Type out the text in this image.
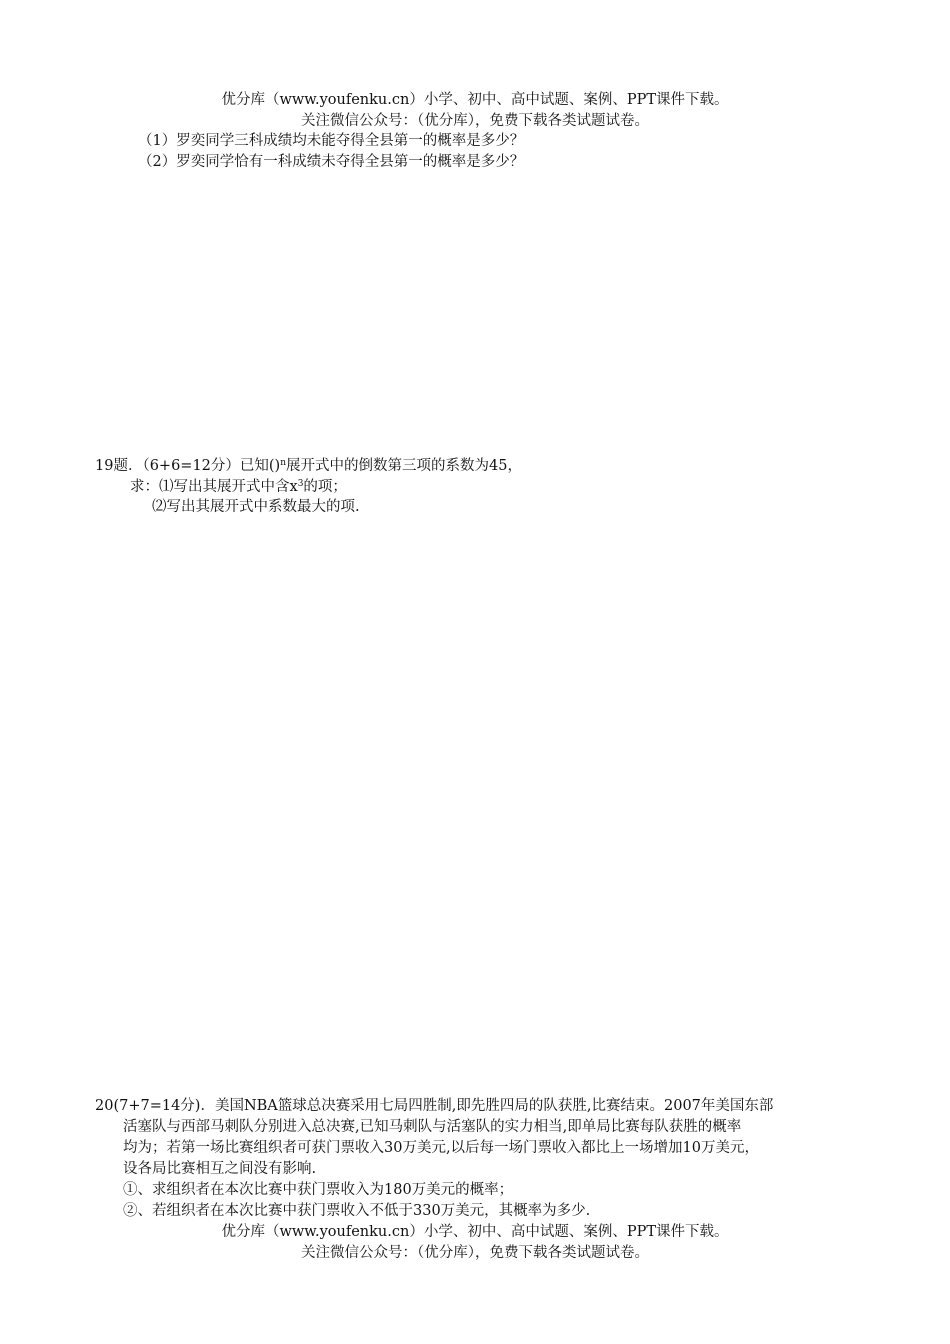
优分库（www.youfenku.cn）小学、初中、高中试题、案例、PPT课件下载。
关注微信公众号：（优分库），免费下载各类试题试卷。
（1）罗奕同学三科成绩均未能夺得全县第一的概率是多少？
（2）罗奕同学恰有一科成绩未夺得全县第一的概率是多少？
19题．（6+6=12分）已知()$^n$展开式中的倒数第三项的系数为45，
求：⑴写出其展开式中含$x^3$的项；
⑵写出其展开式中系数最大的项.
20(7+7=14分)．美国NBA篮球总决赛采用七局四胜制,即先胜四局的队获胜,比赛结束。2007年美国东部
活塞队与西部马刺队分别进入总决赛,已知马刺队与活塞队的实力相当,即单局比赛每队获胜的概率
均为；若第一场比赛组织者可获门票收入30万美元,以后每一场门票收入都比上一场增加10万美元，
设各局比赛相互之间没有影响.
①、求组织者在本次比赛中获门票收入为180万美元的概率；
②、若组织者在本次比赛中获门票收入不低于330万美元，其概率为多少.
优分库（www.youfenku.cn）小学、初中、高中试题、案例、PPT课件下载。
关注微信公众号：（优分库），免费下载各类试题试卷。
